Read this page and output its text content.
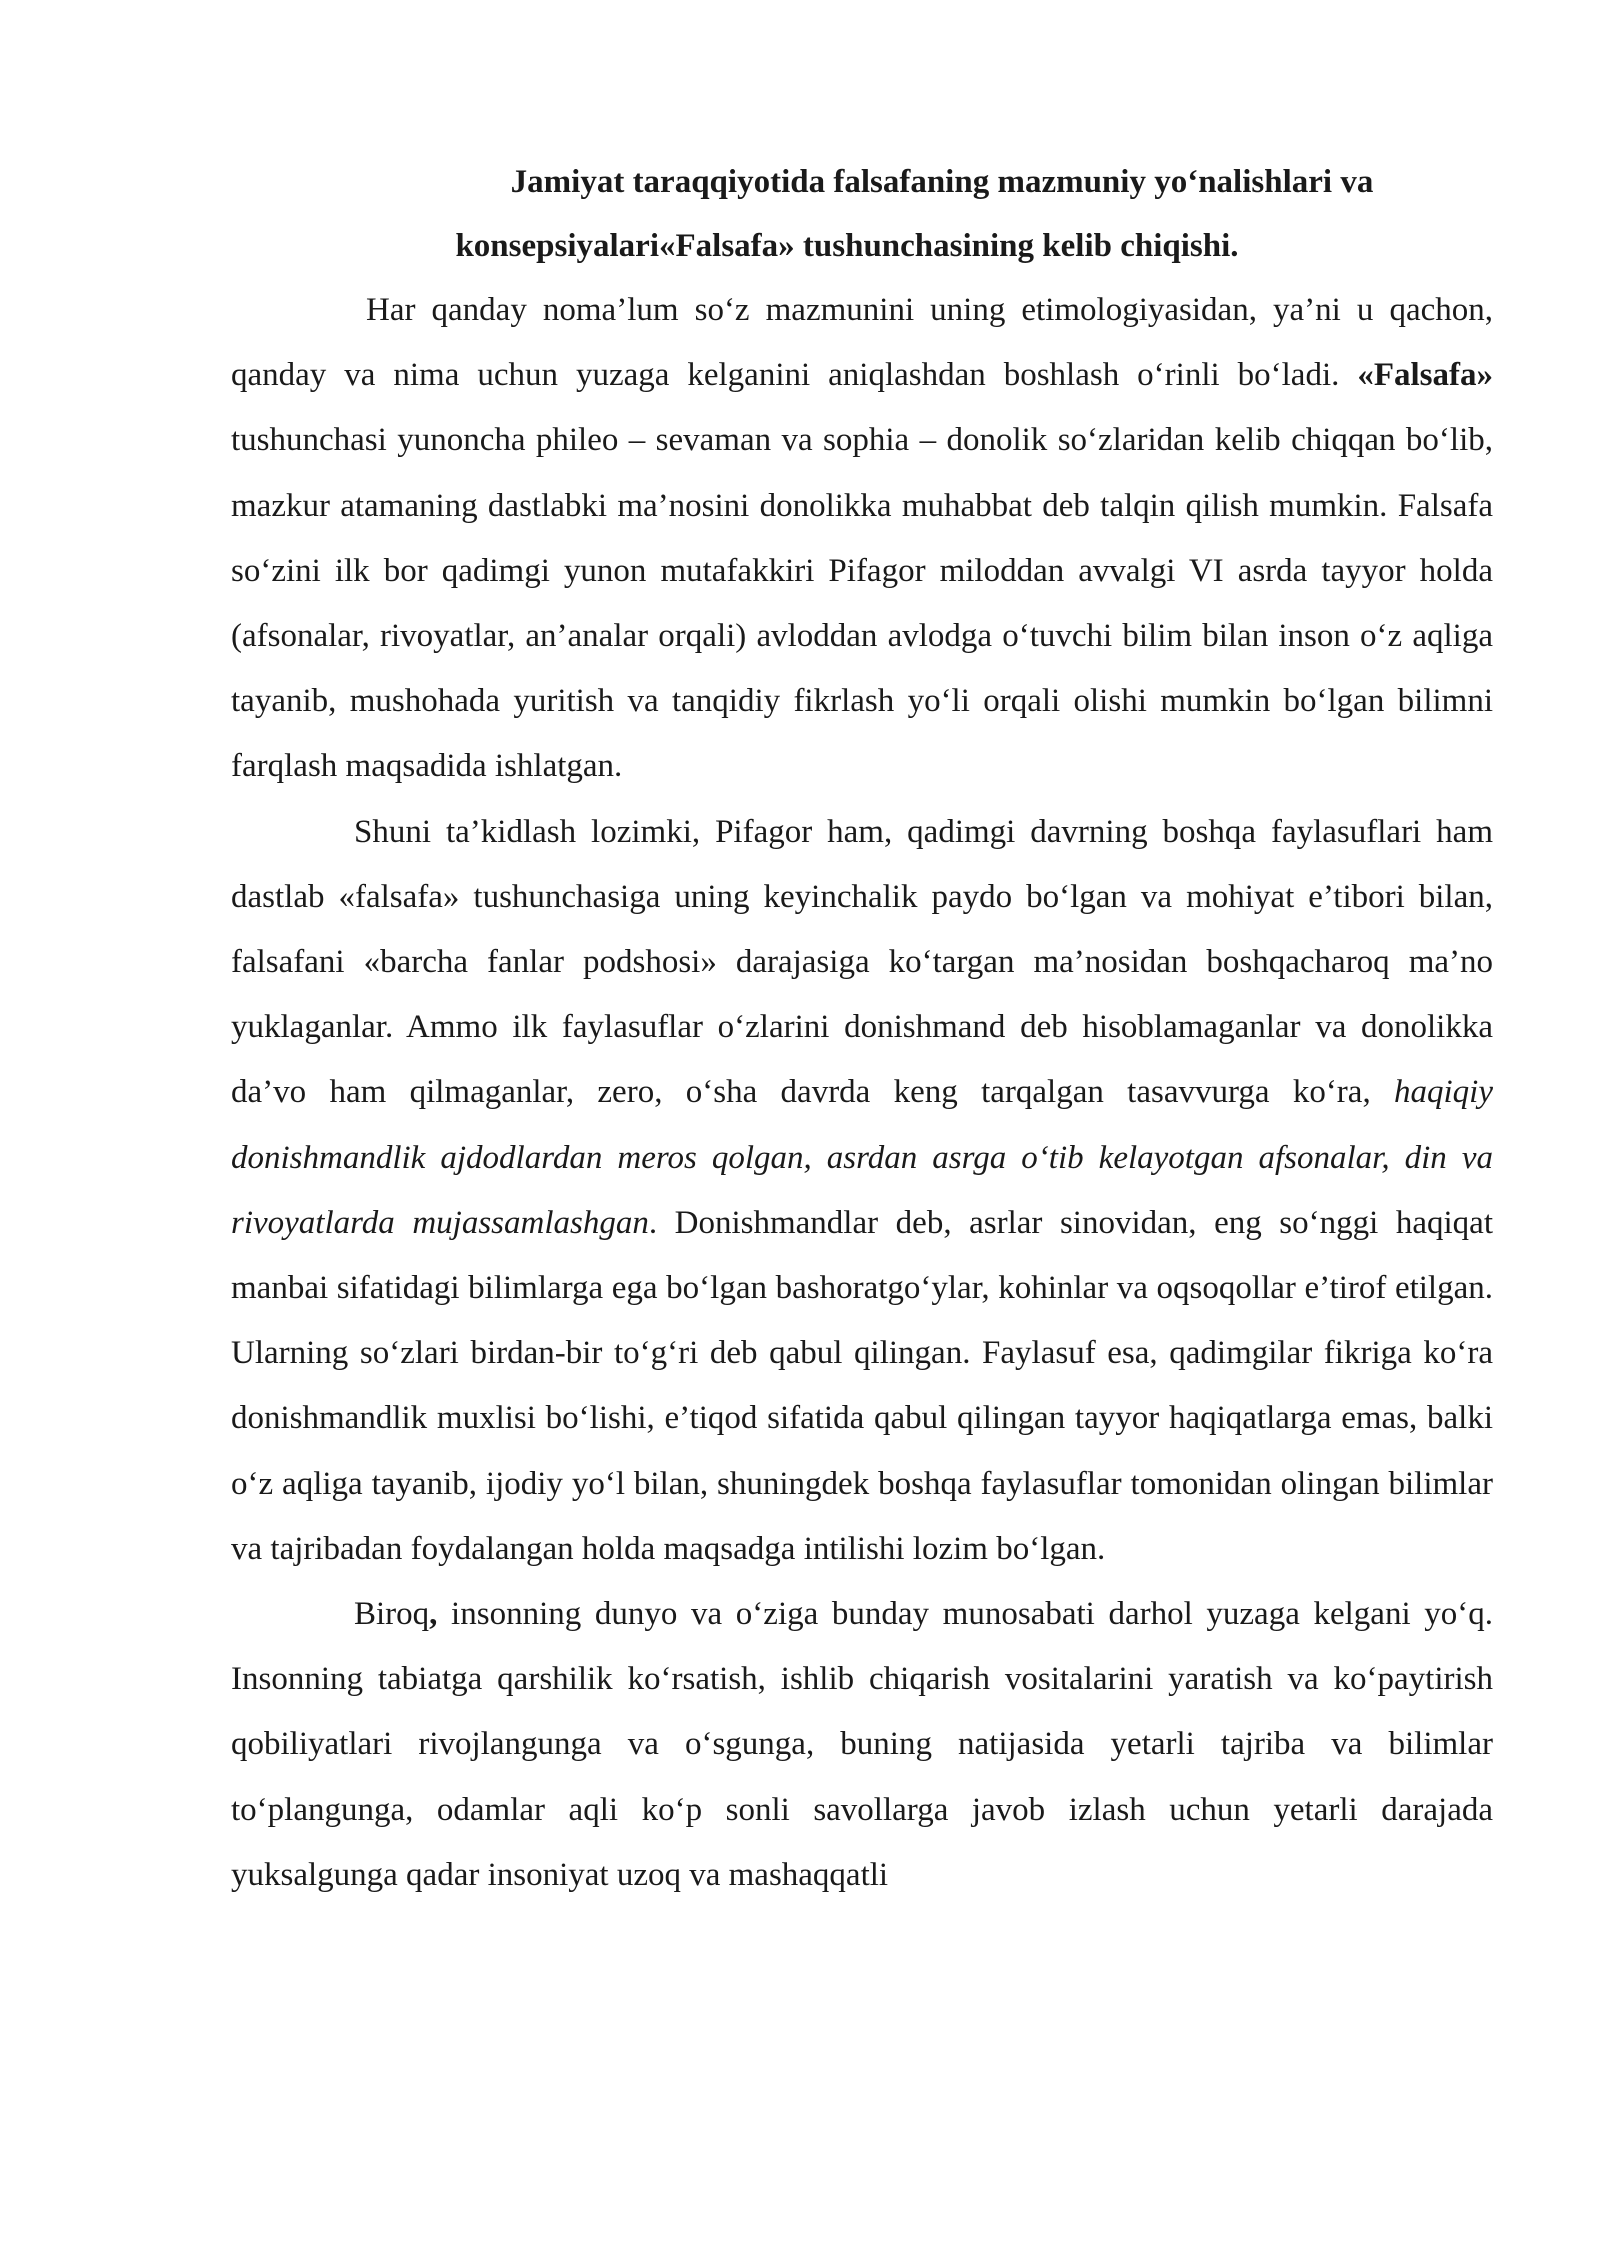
Jamiyat taraqqiyotida falsafaning mazmuniy yo‘nalishlari va
konsepsiyalari«Falsafa» tushunchasining kelib chiqishi.

Har qanday noma’lum so‘z mazmunini uning etimologiyasidan, ya’ni u qachon, qanday va nima uchun yuzaga kelganini aniqlashdan boshlash o‘rinli bo‘ladi. «Falsafa» tushunchasi yunoncha phileo – sevaman va sophia – donolik so‘zlaridan kelib chiqqan bo‘lib, mazkur atamaning dastlabki ma’nosini donolikka muhabbat deb talqin qilish mumkin. Falsafa so‘zini ilk bor qadimgi yunon mutafakkiri Pifagor miloddan avvalgi VI asrda tayyor holda (afsonalar, rivoyatlar, an’analar orqali) avloddan avlodga o‘tuvchi bilim bilan inson o‘z aqliga tayanib, mushohada yuritish va tanqidiy fikrlash yo‘li orqali olishi mumkin bo‘lgan bilimni farqlash maqsadida ishlatgan.

Shuni ta’kidlash lozimki, Pifagor ham, qadimgi davrning boshqa faylasuflari ham dastlab «falsafa» tushunchasiga uning keyinchalik paydo bo‘lgan va mohiyat e’tibori bilan, falsafani «barcha fanlar podshosi» darajasiga ko‘targan ma’nosidan boshqacharoq ma’no yuklaganlar. Ammo ilk faylasuflar o‘zlarini donishmand deb hisoblamaganlar va donolikka da’vo ham qilmaganlar, zero, o‘sha davrda keng tarqalgan tasavvurga ko‘ra, haqiqiy donishmandlik ajdodlardan meros qolgan, asrdan asrga o‘tib kelayotgan afsonalar, din va rivoyatlarda mujassamlashgan. Donishmandlar deb, asrlar sinovidan, eng so‘nggi haqiqat manbai sifatidagi bilimlarga ega bo‘lgan bashoratgo‘ylar, kohinlar va oqsoqollar e’tirof etilgan. Ularning so‘zlari birdan-bir to‘g‘ri deb qabul qilingan. Faylasuf esa, qadimgilar fikriga ko‘ra donishmandlik muxlisi bo‘lishi, e’tiqod sifatida qabul qilingan tayyor haqiqatlarga emas, balki o‘z aqliga tayanib, ijodiy yo‘l bilan, shuningdek boshqa faylasuflar tomonidan olingan bilimlar va tajribadan foydalangan holda maqsadga intilishi lozim bo‘lgan.

Biroq, insonning dunyo va o‘ziga bunday munosabati darhol yuzaga kelgani yo‘q. Insonning tabiatga qarshilik ko‘rsatish, ishlib chiqarish vositalarini yaratish va ko‘paytirish qobiliyatlari rivojlangunga va o‘sgunga, buning natijasida yetarli tajriba va bilimlar to‘plangunga, odamlar aqli ko‘p sonli savollarga javob izlash uchun yetarli darajada yuksalgunga qadar insoniyat uzoq va mashaqqatli
